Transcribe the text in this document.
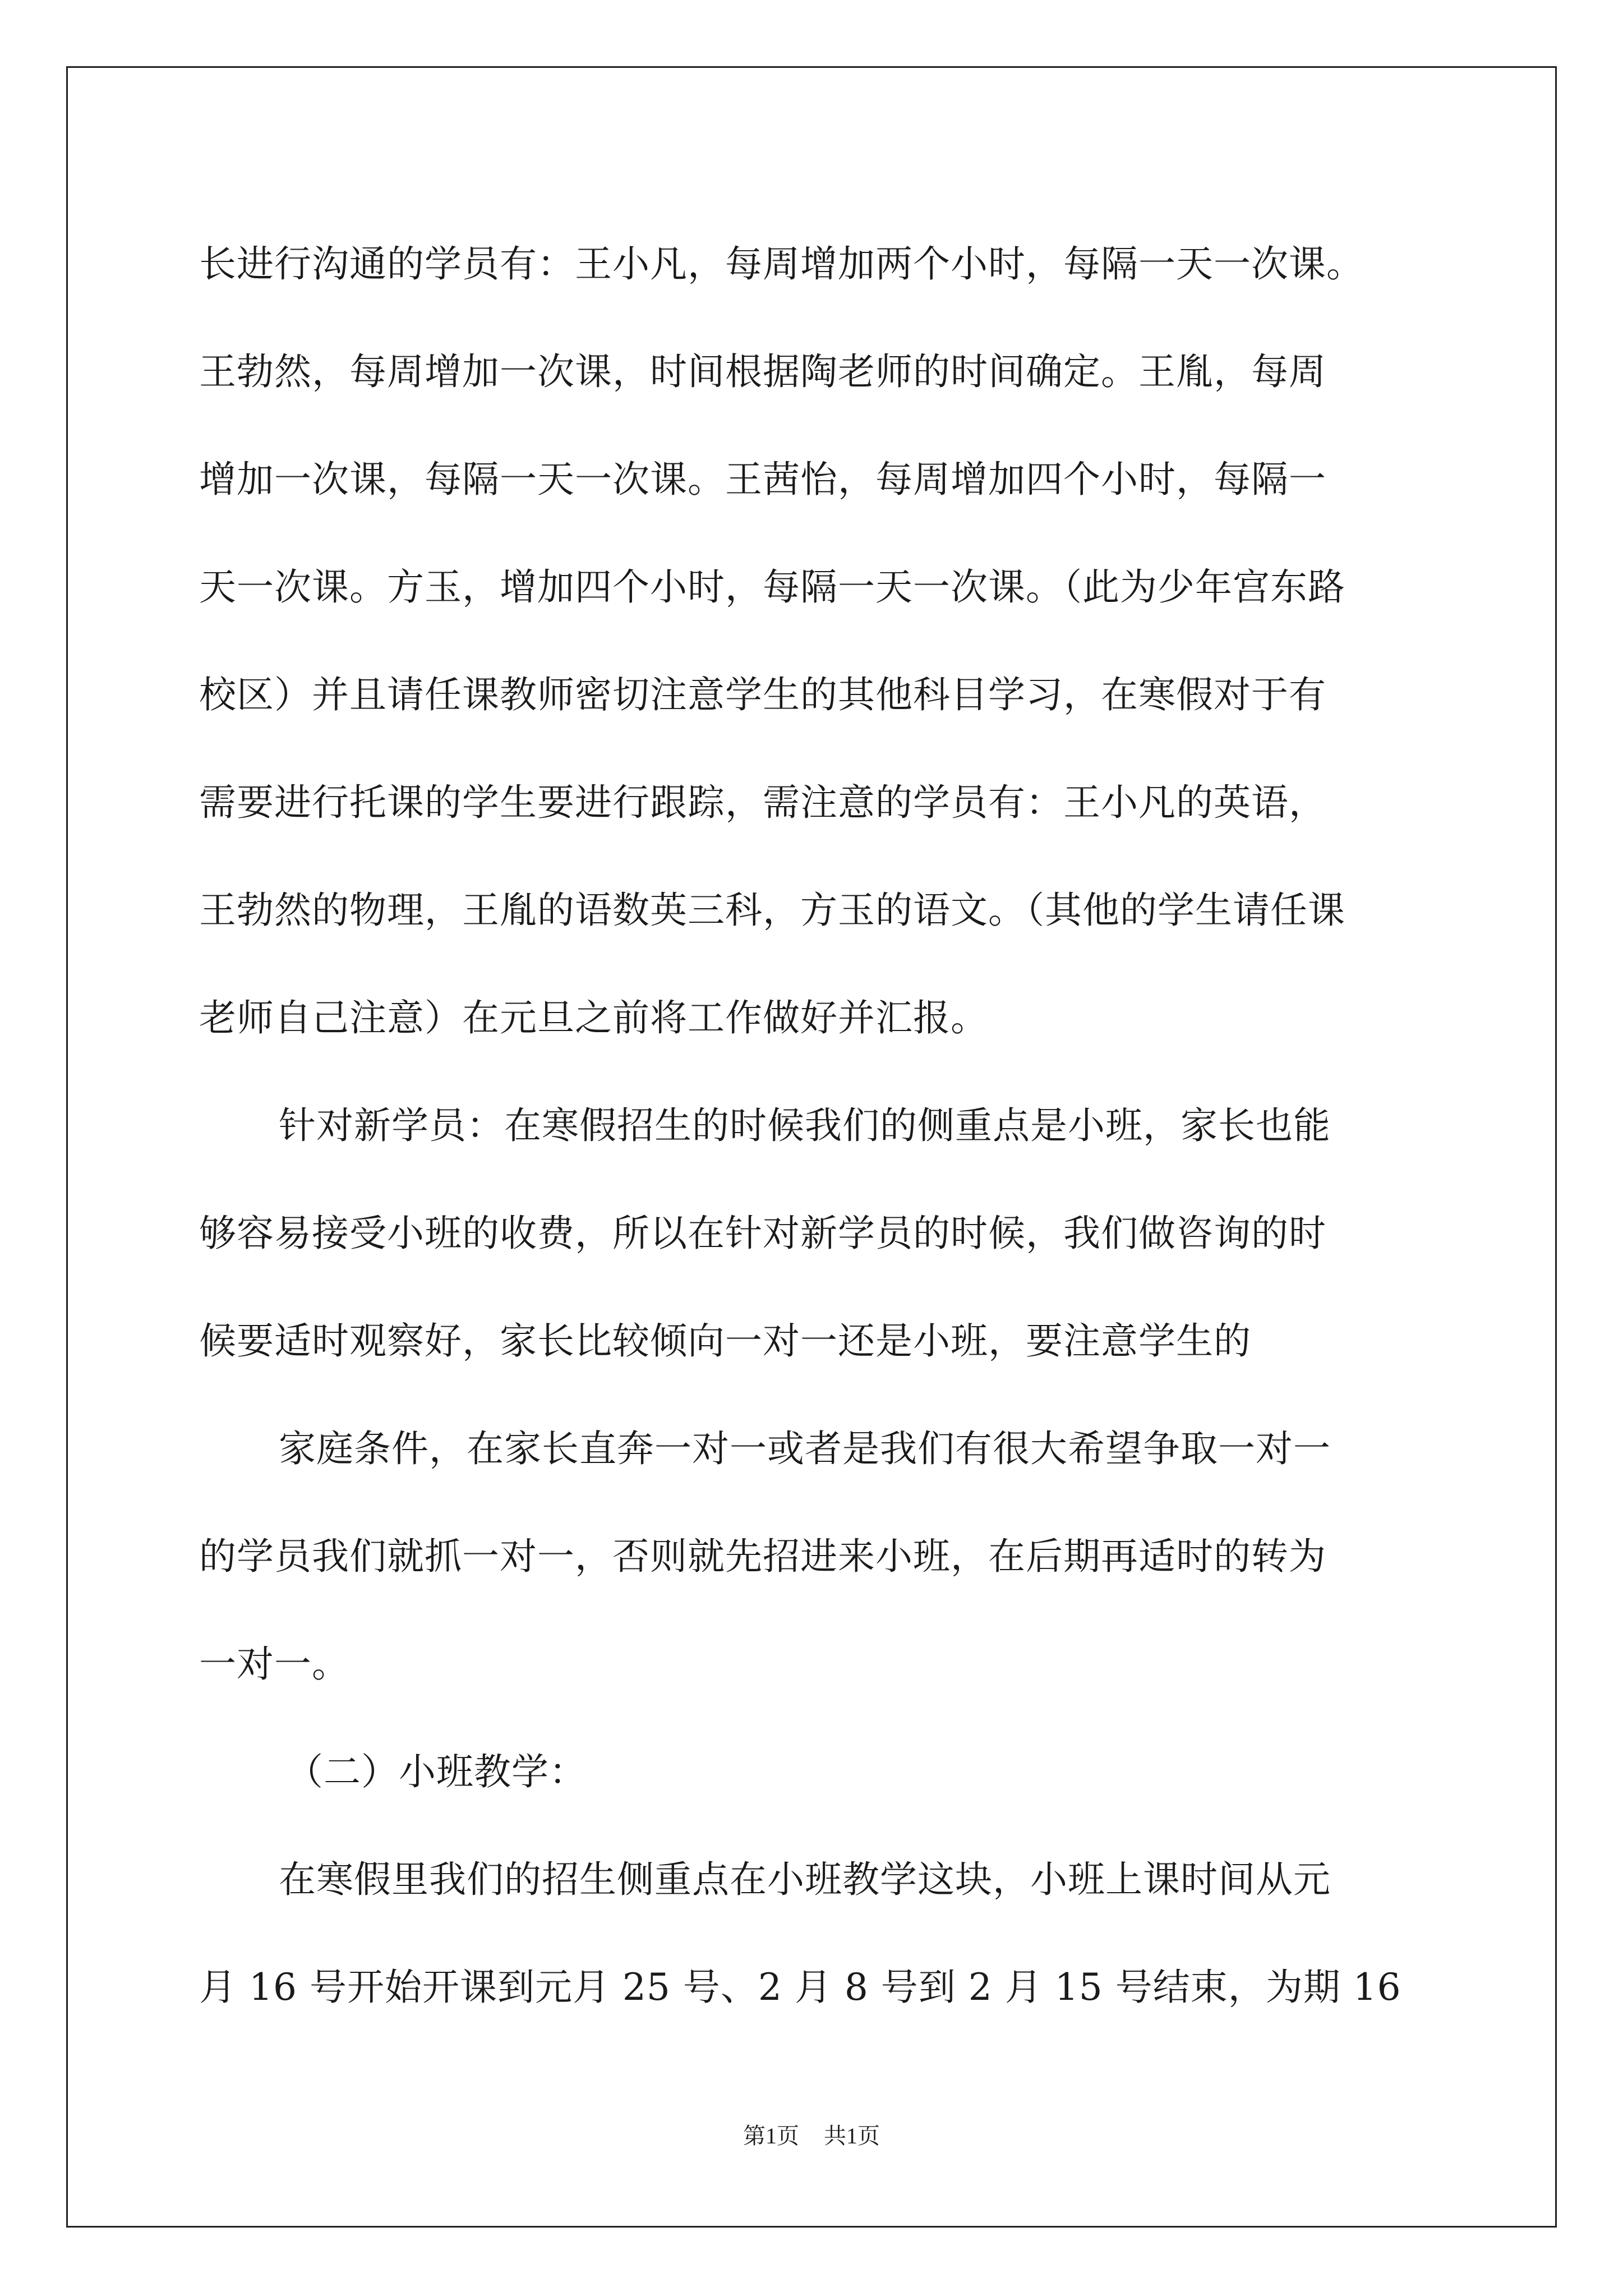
长进行沟通的学员有：王小凡，每周增加两个小时，每隔一天一次课。
王勃然，每周增加一次课，时间根据陶老师的时间确定。王胤，每周
增加一次课，每隔一天一次课。王茜怡，每周增加四个小时，每隔一
天一次课。方玉，增加四个小时，每隔一天一次课。（此为少年宫东路
校区）并且请任课教师密切注意学生的其他科目学习，在寒假对于有
需要进行托课的学生要进行跟踪，需注意的学员有：王小凡的英语，
王勃然的物理，王胤的语数英三科，方玉的语文。（其他的学生请任课
老师自己注意）在元旦之前将工作做好并汇报。
针对新学员：在寒假招生的时候我们的侧重点是小班，家长也能
够容易接受小班的收费，所以在针对新学员的时候，我们做咨询的时
候要适时观察好，家长比较倾向一对一还是小班，要注意学生的
家庭条件，在家长直奔一对一或者是我们有很大希望争取一对一
的学员我们就抓一对一，否则就先招进来小班，在后期再适时的转为
一对一。
（二）小班教学：
在寒假里我们的招生侧重点在小班教学这块，小班上课时间从元
月 16 号开始开课到元月 25 号、2 月 8 号到 2 月 15 号结束，为期 16
第1页 共1页
